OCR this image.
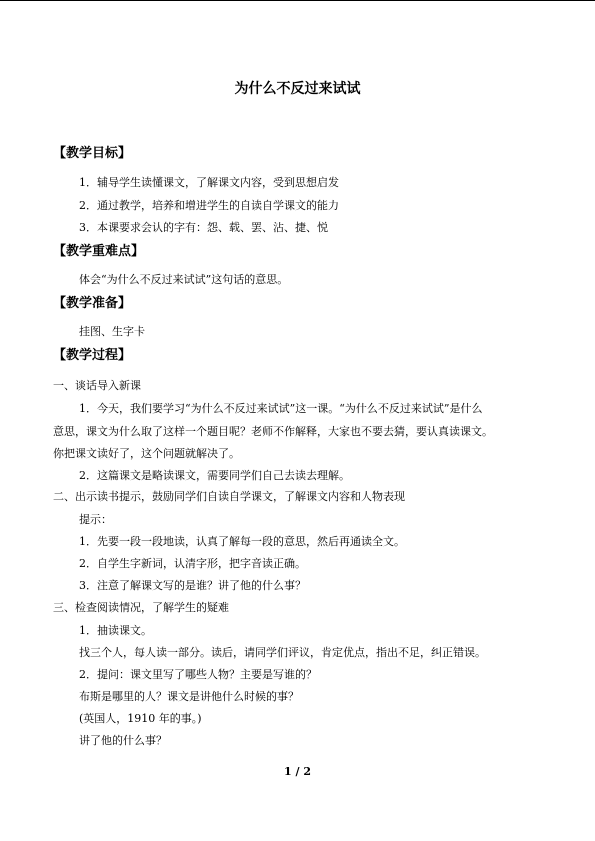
为什么不反过来试试
【教学目标】
1．辅导学生读懂课文，了解课文内容，受到思想启发
2．通过教学，培养和增进学生的自读自学课文的能力
3．本课要求会认的字有：怨、载、罢、沾、捷、悦
【教学重难点】
体会“为什么不反过来试试”这句话的意思。
【教学准备】
挂图、生字卡
【教学过程】
一、谈话导入新课
1．今天，我们要学习“为什么不反过来试试”这一课。“为什么不反过来试试”是什么
意思，课文为什么取了这样一个题目呢？老师不作解释，大家也不要去猜，要认真读课文。
你把课文读好了，这个问题就解决了。
2．这篇课文是略读课文，需要同学们自己去读去理解。
二、出示读书提示，鼓励同学们自读自学课文，了解课文内容和人物表现
提示：
1．先要一段一段地读，认真了解每一段的意思，然后再通读全文。
2．自学生字新词，认清字形，把字音读正确。
3．注意了解课文写的是谁？讲了他的什么事？
三、检查阅读情况，了解学生的疑难
1．抽读课文。
找三个人，每人读一部分。读后，请同学们评议，肯定优点，指出不足，纠正错误。
2．提问：课文里写了哪些人物？主要是写谁的？
布斯是哪里的人？课文是讲他什么时候的事？
(英国人，1910 年的事。)
讲了他的什么事？
1 / 2
